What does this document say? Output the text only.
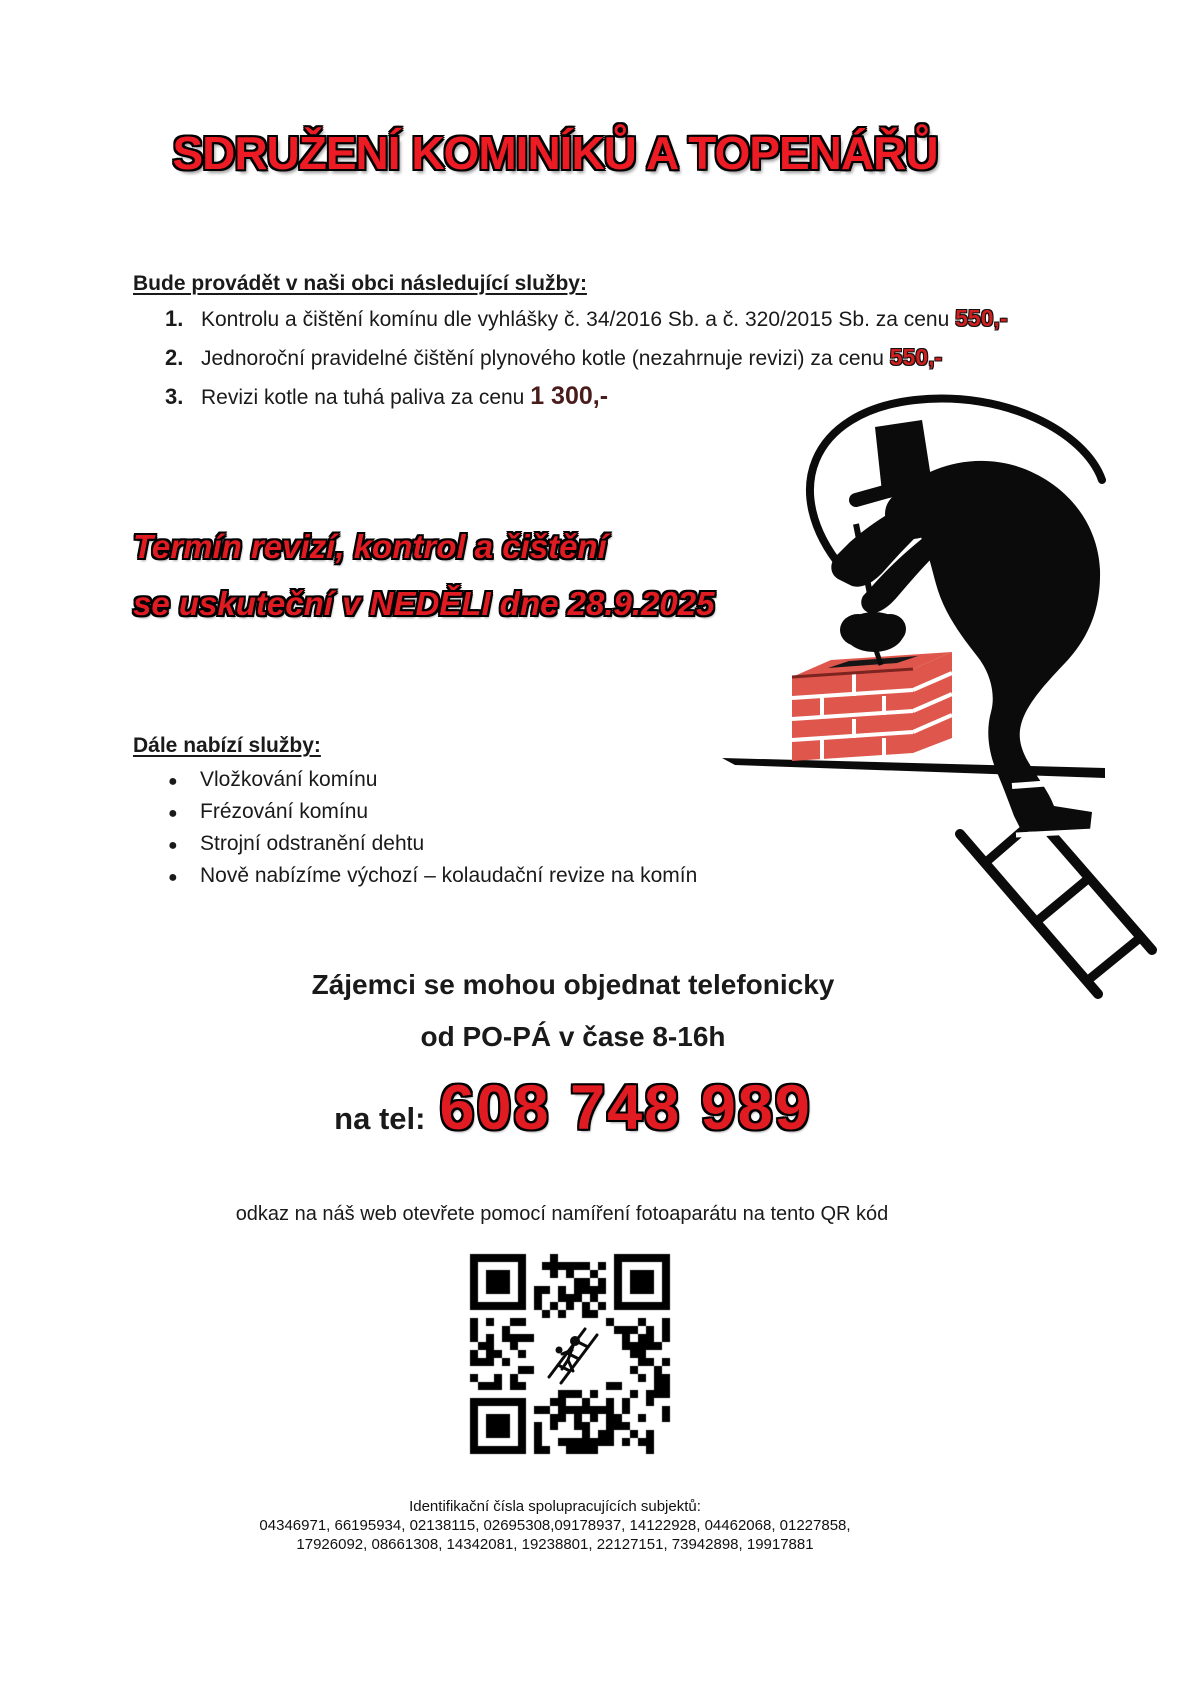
SDRUŽENÍ KOMINÍKŮ A TOPENÁŘŮ
Bude provádět v naši obci následující služby:
1. Kontrolu a čištění komínu dle vyhlášky č. 34/2016 Sb. a č. 320/2015 Sb. za cenu 550,-
2. Jednoroční pravidelné čištění plynového kotle (nezahrnuje revizi) za cenu 550,-
3. Revizi kotle na tuhá paliva za cenu 1 300,-
Termín revizí, kontrol a čištění
se uskuteční v NEDĚLI dne 28.9.2025
Dále nabízí služby:
●	Vložkování komínu
●	Frézování komínu
●	Strojní odstranění dehtu
●	Nově nabízíme výchozí – kolaudační revize na komín
Zájemci se mohou objednat telefonicky
od PO-PÁ v čase 8-16h
na tel: 608 748 989
odkaz na náš web otevřete pomocí namíření fotoaparátu na tento QR kód
Identifikační čísla spolupracujících subjektů:
04346971, 66195934, 02138115, 02695308,09178937, 14122928, 04462068, 01227858,
17926092, 08661308, 14342081, 19238801, 22127151, 73942898, 19917881
